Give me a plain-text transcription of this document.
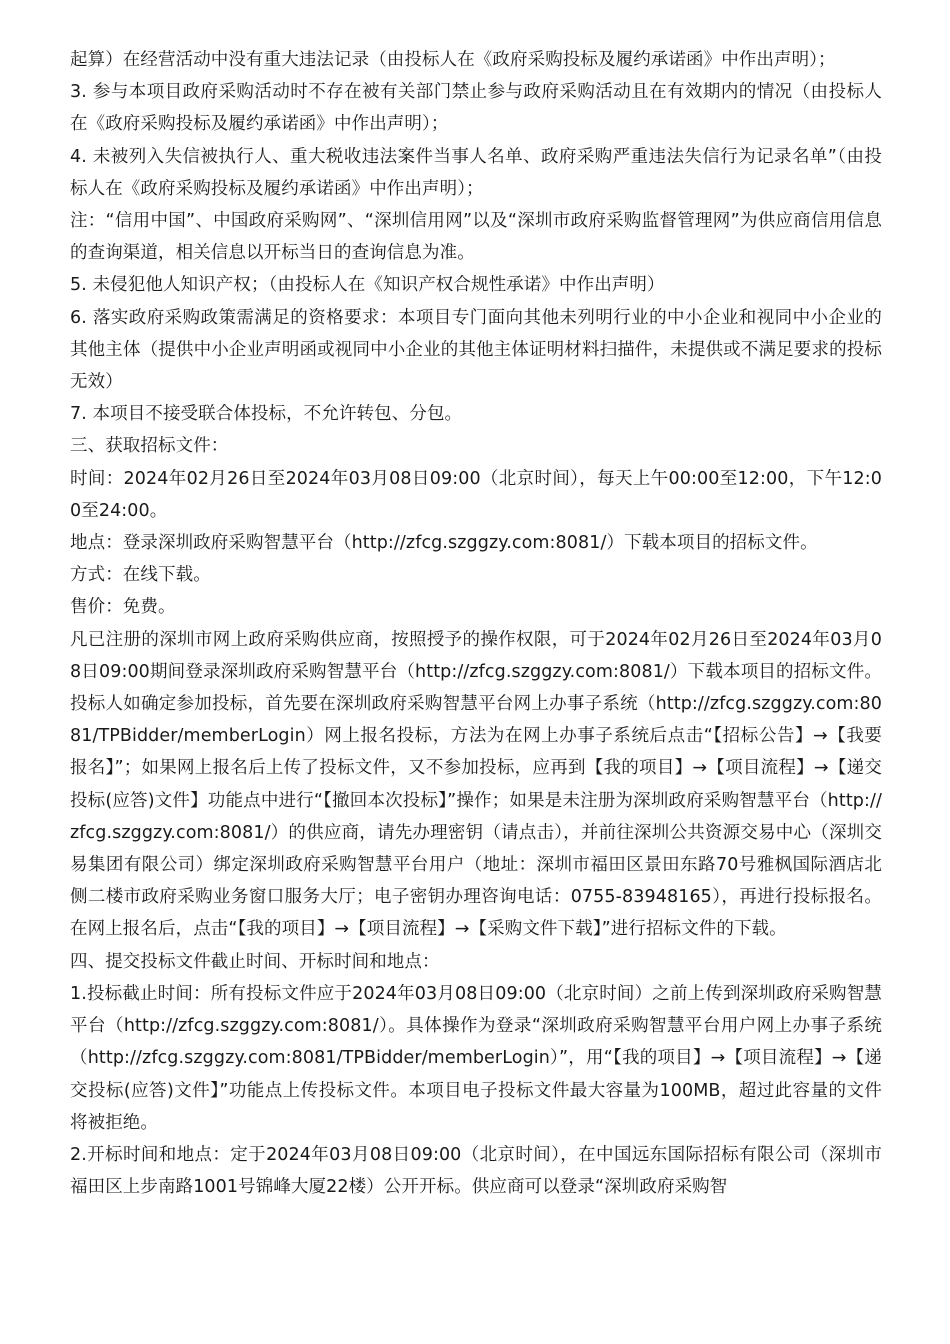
起算）在经营活动中没有重大违法记录（由投标人在《政府采购投标及履约承诺函》中作出声明）；

3. 参与本项目政府采购活动时不存在被有关部门禁止参与政府采购活动且在有效期内的情况（由投标人在《政府采购投标及履约承诺函》中作出声明）；

4. 未被列入失信被执行人、重大税收违法案件当事人名单、政府采购严重违法失信行为记录名单”（由投标人在《政府采购投标及履约承诺函》中作出声明）；

注：“信用中国”、中国政府采购网”、“深圳信用网”以及“深圳市政府采购监督管理网”为供应商信用信息的查询渠道，相关信息以开标当日的查询信息为准。

5. 未侵犯他人知识产权；（由投标人在《知识产权合规性承诺》中作出声明）

6. 落实政府采购政策需满足的资格要求：本项目专门面向其他未列明行业的中小企业和视同中小企业的其他主体（提供中小企业声明函或视同中小企业的其他主体证明材料扫描件，未提供或不满足要求的投标无效）

7. 本项目不接受联合体投标，不允许转包、分包。

三、获取招标文件：

时间：2024年02月26日至2024年03月08日09:00（北京时间），每天上午00:00至12:00，下午12:00至24:00。

地点：登录深圳政府采购智慧平台（http://zfcg.szggzy.com:8081/）下载本项目的招标文件。

方式：在线下载。

售价：免费。

凡已注册的深圳市网上政府采购供应商，按照授予的操作权限，可于2024年02月26日至2024年03月08日09:00期间登录深圳政府采购智慧平台（http://zfcg.szggzy.com:8081/）下载本项目的招标文件。投标人如确定参加投标，首先要在深圳政府采购智慧平台网上办事子系统（http://zfcg.szggzy.com:8081/TPBidder/memberLogin）网上报名投标，方法为在网上办事子系统后点击“【招标公告】→【我要报名】”；如果网上报名后上传了投标文件，又不参加投标，应再到【我的项目】→【项目流程】→【递交投标(应答)文件】功能点中进行“【撤回本次投标】”操作；如果是未注册为深圳政府采购智慧平台（http://zfcg.szggzy.com:8081/）的供应商，请先办理密钥（请点击），并前往深圳公共资源交易中心（深圳交易集团有限公司）绑定深圳政府采购智慧平台用户（地址：深圳市福田区景田东路70号雅枫国际酒店北侧二楼市政府采购业务窗口服务大厅；电子密钥办理咨询电话：0755-83948165），再进行投标报名。在网上报名后，点击“【我的项目】→【项目流程】→【采购文件下载】”进行招标文件的下载。

四、提交投标文件截止时间、开标时间和地点：

1.投标截止时间：所有投标文件应于2024年03月08日09:00（北京时间）之前上传到深圳政府采购智慧平台（http://zfcg.szggzy.com:8081/）。具体操作为登录“深圳政府采购智慧平台用户网上办事子系统（http://zfcg.szggzy.com:8081/TPBidder/memberLogin）”，用“【我的项目】→【项目流程】→【递交投标(应答)文件】”功能点上传投标文件。本项目电子投标文件最大容量为100MB，超过此容量的文件将被拒绝。

2.开标时间和地点：定于2024年03月08日09:00（北京时间），在中国远东国际招标有限公司（深圳市福田区上步南路1001号锦峰大厦22楼）公开开标。供应商可以登录“深圳政府采购智
